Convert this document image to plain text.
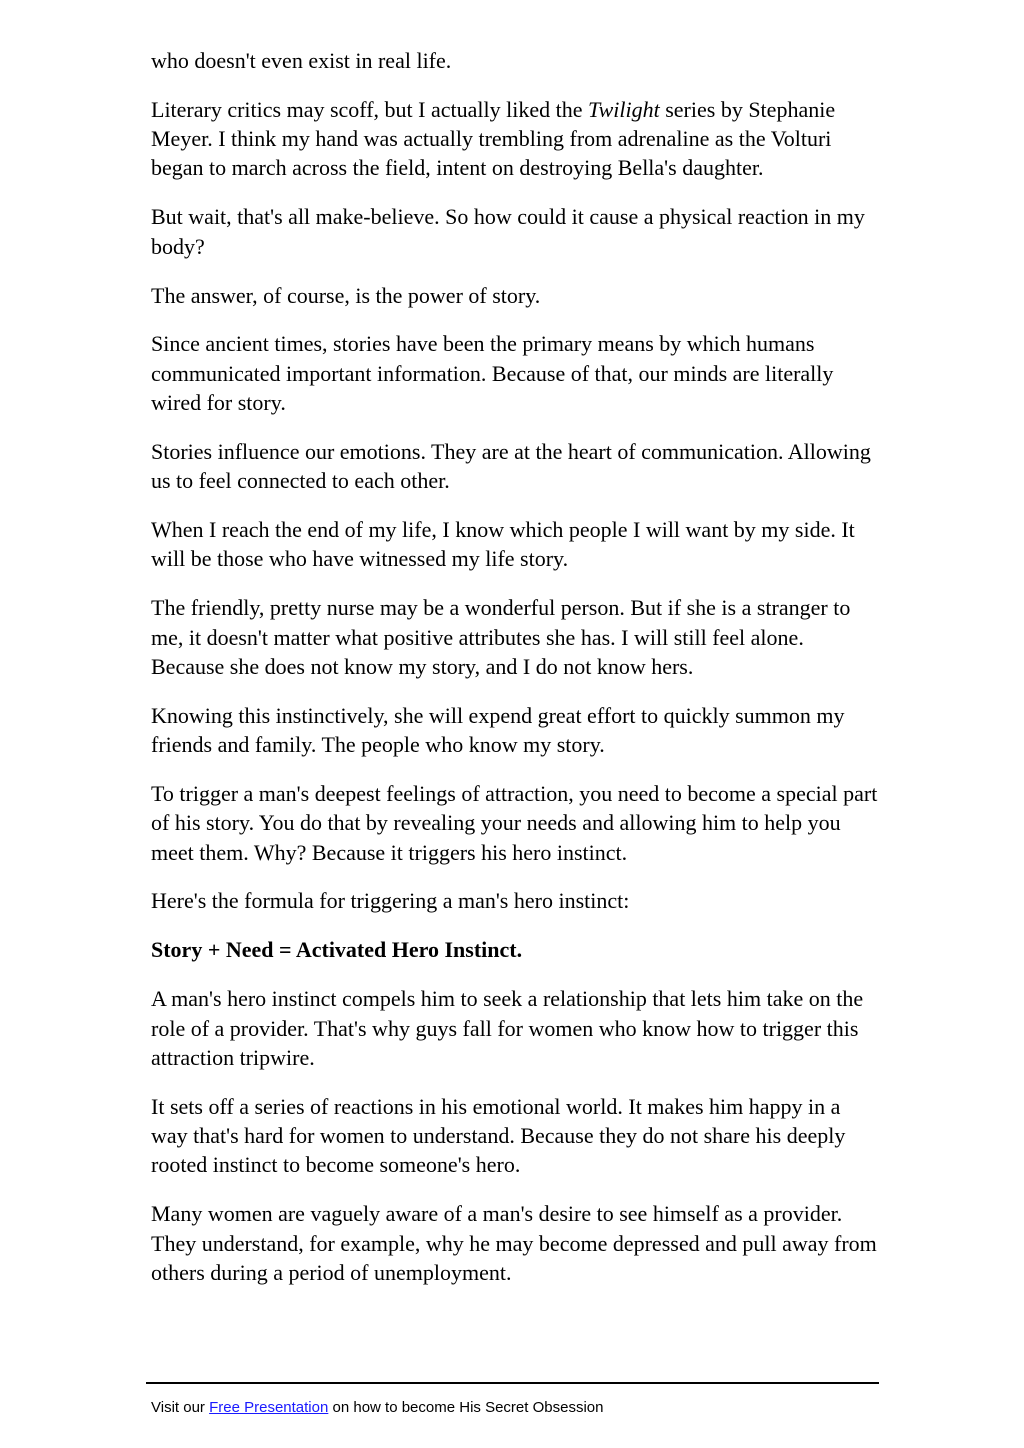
who doesn't even exist in real life.

Literary critics may scoff, but I actually liked the Twilight series by Stephanie Meyer. I think my hand was actually trembling from adrenaline as the Volturi began to march across the field, intent on destroying Bella's daughter.

But wait, that's all make-believe. So how could it cause a physical reaction in my body?

The answer, of course, is the power of story.

Since ancient times, stories have been the primary means by which humans communicated important information. Because of that, our minds are literally wired for story.

Stories influence our emotions. They are at the heart of communication. Allowing us to feel connected to each other.

When I reach the end of my life, I know which people I will want by my side. It will be those who have witnessed my life story.

The friendly, pretty nurse may be a wonderful person. But if she is a stranger to me, it doesn't matter what positive attributes she has. I will still feel alone. Because she does not know my story, and I do not know hers.

Knowing this instinctively, she will expend great effort to quickly summon my friends and family. The people who know my story.

To trigger a man's deepest feelings of attraction, you need to become a special part of his story. You do that by revealing your needs and allowing him to help you meet them. Why? Because it triggers his hero instinct.

Here's the formula for triggering a man's hero instinct:

Story + Need = Activated Hero Instinct.

A man's hero instinct compels him to seek a relationship that lets him take on the role of a provider. That's why guys fall for women who know how to trigger this attraction tripwire.

It sets off a series of reactions in his emotional world. It makes him happy in a way that's hard for women to understand. Because they do not share his deeply rooted instinct to become someone's hero.

Many women are vaguely aware of a man's desire to see himself as a provider. They understand, for example, why he may become depressed and pull away from others during a period of unemployment.

Visit our Free Presentation on how to become His Secret Obsession
